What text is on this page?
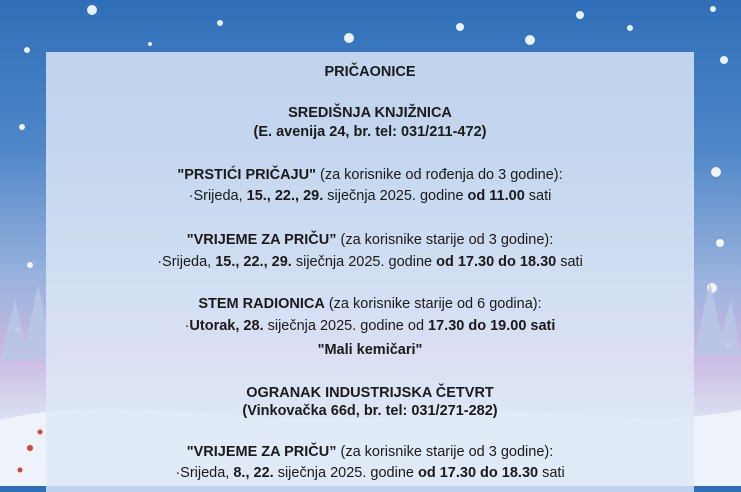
PRIČAONICE
SREDIŠNJA KNJIŽNICA
(E. avenija 24, br. tel: 031/211-472)
"PRSTIĆI PRIČAJU" (za korisnike od rođenja do 3 godine):
·Srijeda, 15., 22., 29. siječnja 2025. godine od 11.00 sati
"VRIJEME ZA PRIČU” (za korisnike starije od 3 godine):
·Srijeda, 15., 22., 29. siječnja 2025. godine od 17.30 do 18.30 sati
STEM RADIONICA (za korisnike starije od 6 godina):
·Utorak, 28. siječnja 2025. godine od 17.30 do 19.00 sati
"Mali kemičari"
OGRANAK INDUSTRIJSKA ČETVRT
(Vinkovačka 66d, br. tel: 031/271-282)
"VRIJEME ZA PRIČU” (za korisnike starije od 3 godine):
·Srijeda, 8., 22. siječnja 2025. godine od 17.30 do 18.30 sati
